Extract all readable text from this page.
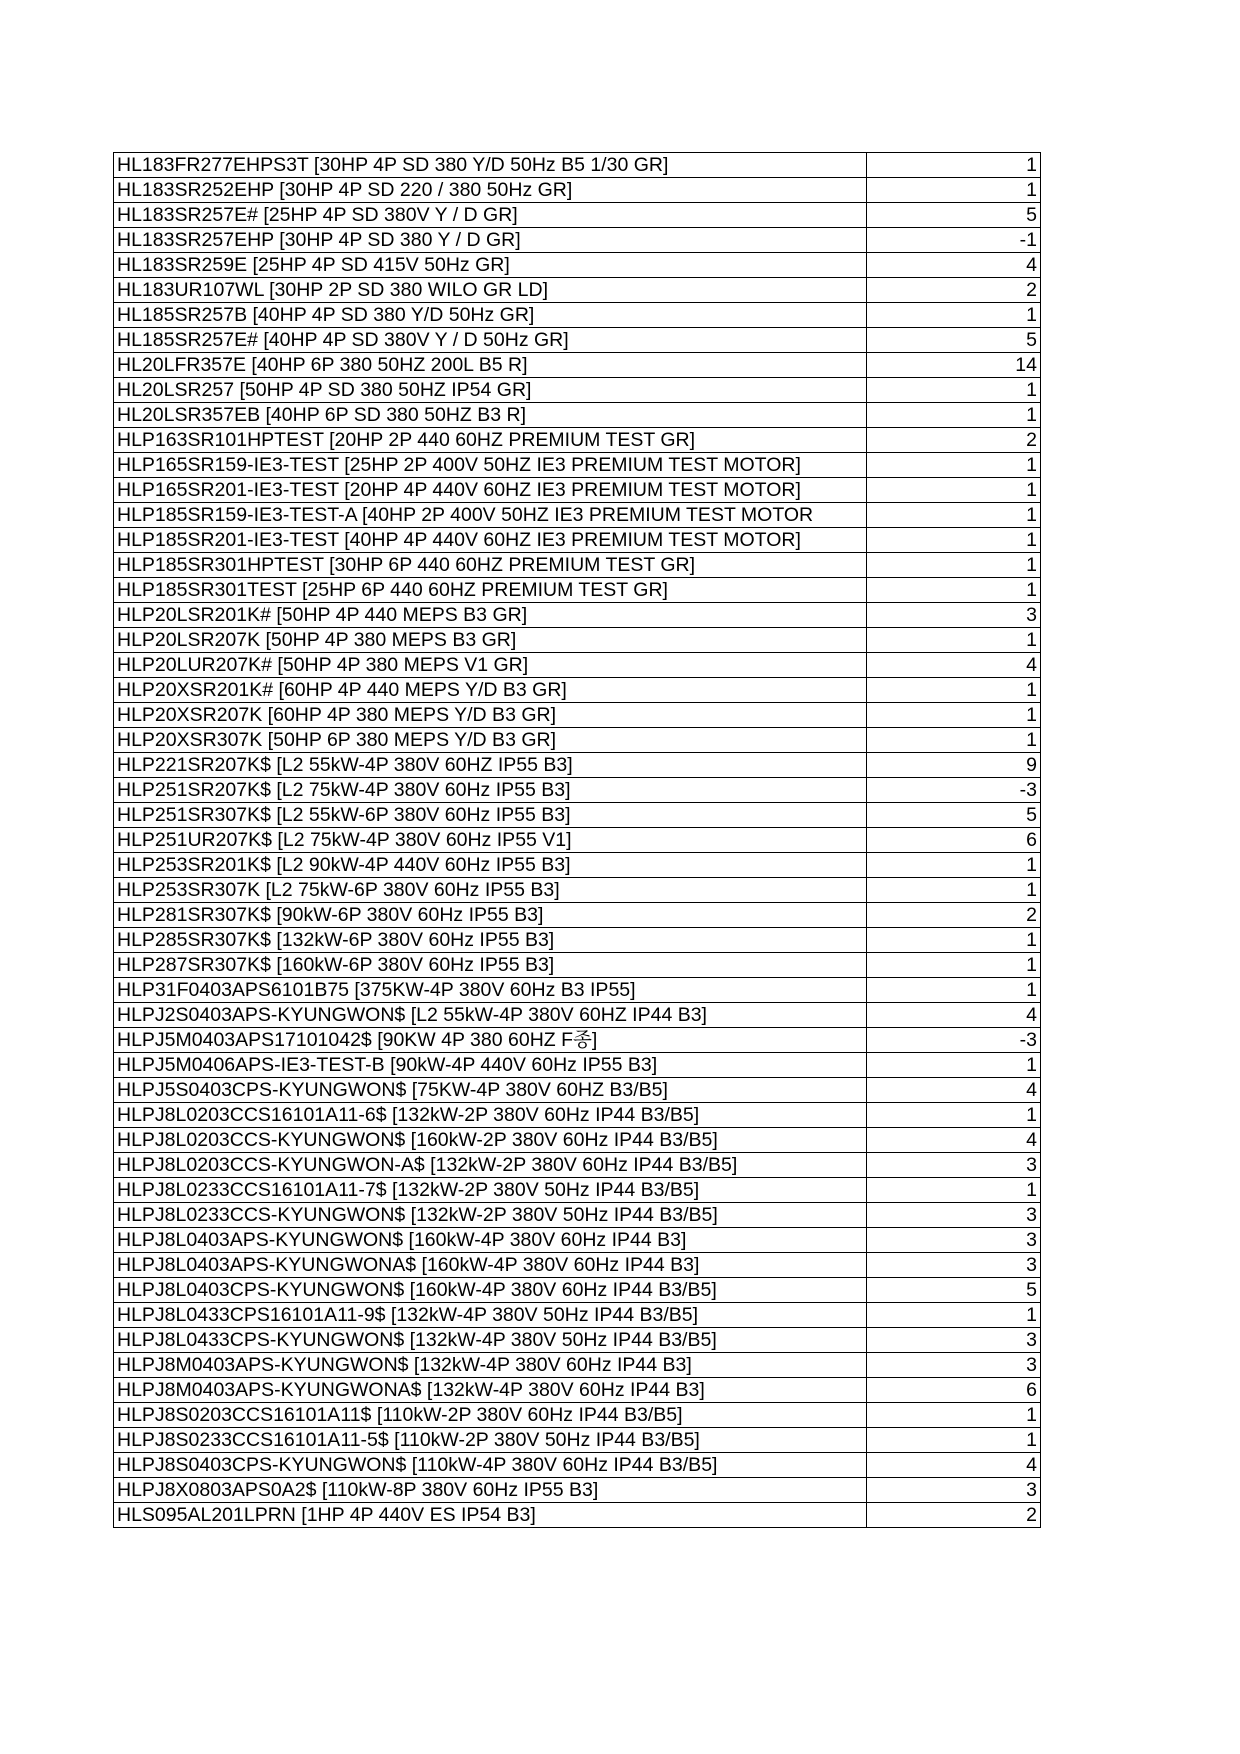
HL183FR277EHPS3T [30HP 4P SD 380 Y/D 50Hz B5 1/30 GR]	1
HL183SR252EHP [30HP 4P SD 220 / 380 50Hz GR]	1
HL183SR257E# [25HP 4P SD 380V Y / D GR]	5
HL183SR257EHP [30HP 4P SD 380 Y / D GR]	-1
HL183SR259E [25HP 4P SD 415V 50Hz GR]	4
HL183UR107WL [30HP 2P SD 380 WILO GR LD]	2
HL185SR257B [40HP 4P SD 380 Y/D 50Hz GR]	1
HL185SR257E# [40HP 4P SD 380V Y / D 50Hz GR]	5
HL20LFR357E [40HP 6P 380 50HZ 200L B5 R]	14
HL20LSR257 [50HP 4P SD 380 50HZ IP54 GR]	1
HL20LSR357EB [40HP 6P SD 380 50HZ B3 R]	1
HLP163SR101HPTEST [20HP 2P 440 60HZ PREMIUM TEST GR]	2
HLP165SR159-IE3-TEST [25HP 2P 400V 50HZ IE3 PREMIUM TEST MOTOR]	1
HLP165SR201-IE3-TEST [20HP 4P 440V 60HZ IE3 PREMIUM TEST MOTOR]	1
HLP185SR159-IE3-TEST-A [40HP 2P 400V 50HZ IE3 PREMIUM TEST MOTOR	1
HLP185SR201-IE3-TEST [40HP 4P 440V 60HZ IE3 PREMIUM TEST MOTOR]	1
HLP185SR301HPTEST [30HP 6P 440 60HZ PREMIUM TEST GR]	1
HLP185SR301TEST [25HP 6P 440 60HZ PREMIUM TEST GR]	1
HLP20LSR201K# [50HP 4P 440 MEPS B3 GR]	3
HLP20LSR207K [50HP 4P 380 MEPS B3 GR]	1
HLP20LUR207K# [50HP 4P 380 MEPS V1 GR]	4
HLP20XSR201K# [60HP 4P 440 MEPS Y/D B3 GR]	1
HLP20XSR207K [60HP 4P 380 MEPS Y/D B3 GR]	1
HLP20XSR307K [50HP 6P 380 MEPS Y/D B3 GR]	1
HLP221SR207K$ [L2 55kW-4P 380V 60HZ IP55 B3]	9
HLP251SR207K$ [L2 75kW-4P 380V 60Hz IP55 B3]	-3
HLP251SR307K$ [L2 55kW-6P 380V 60Hz IP55 B3]	5
HLP251UR207K$ [L2 75kW-4P 380V 60Hz IP55 V1]	6
HLP253SR201K$ [L2 90kW-4P 440V 60Hz IP55 B3]	1
HLP253SR307K [L2 75kW-6P 380V 60Hz IP55 B3]	1
HLP281SR307K$ [90kW-6P 380V 60Hz IP55 B3]	2
HLP285SR307K$ [132kW-6P 380V 60Hz IP55 B3]	1
HLP287SR307K$ [160kW-6P 380V 60Hz IP55 B3]	1
HLP31F0403APS6101B75 [375KW-4P 380V 60Hz B3 IP55]	1
HLPJ2S0403APS-KYUNGWON$ [L2 55kW-4P 380V 60HZ IP44 B3]	4
HLPJ5M0403APS17101042$ [90KW 4P 380 60HZ F종]	-3
HLPJ5M0406APS-IE3-TEST-B [90kW-4P 440V 60Hz IP55 B3]	1
HLPJ5S0403CPS-KYUNGWON$ [75KW-4P 380V 60HZ B3/B5]	4
HLPJ8L0203CCS16101A11-6$ [132kW-2P 380V 60Hz IP44 B3/B5]	1
HLPJ8L0203CCS-KYUNGWON$ [160kW-2P 380V 60Hz IP44 B3/B5]	4
HLPJ8L0203CCS-KYUNGWON-A$ [132kW-2P 380V 60Hz IP44 B3/B5]	3
HLPJ8L0233CCS16101A11-7$ [132kW-2P 380V 50Hz IP44 B3/B5]	1
HLPJ8L0233CCS-KYUNGWON$ [132kW-2P 380V 50Hz IP44 B3/B5]	3
HLPJ8L0403APS-KYUNGWON$ [160kW-4P 380V 60Hz IP44 B3]	3
HLPJ8L0403APS-KYUNGWONA$ [160kW-4P 380V 60Hz IP44 B3]	3
HLPJ8L0403CPS-KYUNGWON$ [160kW-4P 380V 60Hz IP44 B3/B5]	5
HLPJ8L0433CPS16101A11-9$ [132kW-4P 380V 50Hz IP44 B3/B5]	1
HLPJ8L0433CPS-KYUNGWON$ [132kW-4P 380V 50Hz IP44 B3/B5]	3
HLPJ8M0403APS-KYUNGWON$ [132kW-4P 380V 60Hz IP44 B3]	3
HLPJ8M0403APS-KYUNGWONA$ [132kW-4P 380V 60Hz IP44 B3]	6
HLPJ8S0203CCS16101A11$ [110kW-2P 380V 60Hz IP44 B3/B5]	1
HLPJ8S0233CCS16101A11-5$ [110kW-2P 380V 50Hz IP44 B3/B5]	1
HLPJ8S0403CPS-KYUNGWON$ [110kW-4P 380V 60Hz IP44 B3/B5]	4
HLPJ8X0803APS0A2$ [110kW-8P 380V 60Hz IP55 B3]	3
HLS095AL201LPRN [1HP 4P 440V ES IP54 B3]	2
